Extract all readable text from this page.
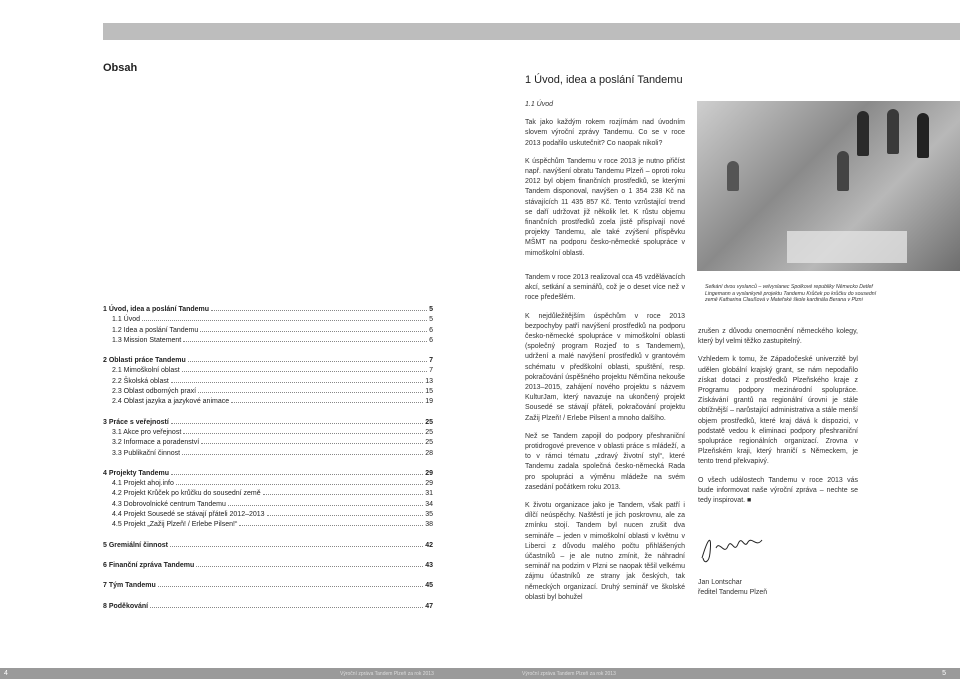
Obsah
1 Úvod, idea a poslání Tandemu	5
1.1 Úvod	5
1.2 Idea a poslání Tandemu	6
1.3 Mission Statement	6
2 Oblasti práce Tandemu	7
2.1 Mimoškolní oblast	7
2.2 Školská oblast	13
2.3 Oblast odborných praxí	15
2.4 Oblast jazyka a jazykové animace	19
3 Práce s veřejností	25
3.1 Akce pro veřejnost	25
3.2 Informace a poradenství	25
3.3 Publikační činnost	28
4 Projekty Tandemu	29
4.1 Projekt ahoj.info	29
4.2 Projekt Krůček po krůčku do sousední země	31
4.3 Dobrovolnické centrum Tandemu	34
4.4 Projekt Sousedé se stávají přáteli 2012–2013	35
4.5 Projekt „Zažij Plzeň! / Erlebe Pilsen!“	38
5 Gremiální činnost	42
6 Finanční zpráva Tandemu	43
7 Tým Tandemu	45
8 Poděkování	47
4	Výroční zpráva Tandem Plzeň za rok 2013
1 Úvod, idea a poslání Tandemu

1.1 Úvod

Tak jako každým rokem rozjímám nad úvodním slovem výroční zprávy Tandemu. Co se v roce 2013 podařilo uskutečnit? Co naopak nikoli?

K úspěchům Tandemu v roce 2013 je nutno přičíst např. navýšení obratu Tandemu Plzeň – oproti roku 2012 byl objem finančních prostředků, se kterými Tandem disponoval, navýšen o 1 354 238 Kč na stávajících 11 435 857 Kč. Tento vzrůstající trend se daří udržovat již několik let. K růstu objemu finančních prostředků zcela jistě přispívají nové projekty Tandemu, ale také zvýšení příspěvku MŠMT na podporu česko-německé spolupráce v mimoškolní oblasti.

Setkání dvou vyslanců – velvyslanec Spolkové republiky Německo Detlef Lingemann a vyslankyně projektu Tandemu Krůček po krůčku do sousední země Katharina Claußová v Mateřské škole kardinála Berana v Plzni

Tandem v roce 2013 realizoval cca 45 vzdělávacích akcí, setkání a seminářů, což je o deset více než v roce předešlém.

K nejdůležitějším úspěchům v roce 2013 bezpochyby patří navýšení prostředků na podporu česko-německé spolupráce v mimoškolní oblasti (společný program Rozjeď to s Tandemem), udržení a malé navýšení prostředků v grantovém schématu v předškolní oblasti, spuštění, resp. pokračování úspěšného projektu Němčina nekouše 2013–2015, zahájení nového projektu s názvem KulturJam, který navazuje na ukončený projekt Sousedé se stávají přáteli, pokračování projektu Zažij Plzeň! / Erlebe Pilsen! a mnoho dalšího.

Než se Tandem zapojil do podpory přeshraniční protidrogové prevence v oblasti práce s mládeží, a to v rámci tématu „zdravý životní styl“, které Tandemu zadala společná česko-německá Rada pro spolupráci a výměnu mládeže na svém zasedání počátkem roku 2013.

K životu organizace jako je Tandem, však patří i dílčí neúspěchy. Naštěstí je jich poskrovnu, ale za zmínku stojí. Tandem byl nucen zrušit dva semináře – jeden v mimoškolní oblasti v květnu v Liberci z důvodu malého počtu přihlášených účastníků – je ale nutno zmínit, že náhradní seminář na podzim v Plzni se naopak těšil velkému zájmu účastníků ze strany jak českých, tak německých organizací. Druhý seminář ve školské oblasti byl bohužel

zrušen z důvodu onemocnění německého kolegy, který byl velmi těžko zastupitelný.

Vzhledem k tomu, že Západočeské univerzitě byl udělen globální krajský grant, se nám nepodařilo získat dotaci z prostředků Plzeňského kraje z Programu podpory mezinárodní spolupráce. Získávání grantů na regionální úrovni je stále obtížnější – narůstající administrativa a stále menší objem prostředků, které kraj dává k dispozici, v podstatě vedou k eliminaci podpory přeshraniční spolupráce regionálních organizací. Zrovna v Plzeňském kraji, který hraničí s Německem, je tento trend překvapivý.

O všech událostech Tandemu v roce 2013 vás bude informovat naše výroční zpráva – nechte se tedy inspirovat. ■

Jan Lontschar
ředitel Tandemu Plzeň
Výroční zpráva Tandem Plzeň za rok 2013	5
